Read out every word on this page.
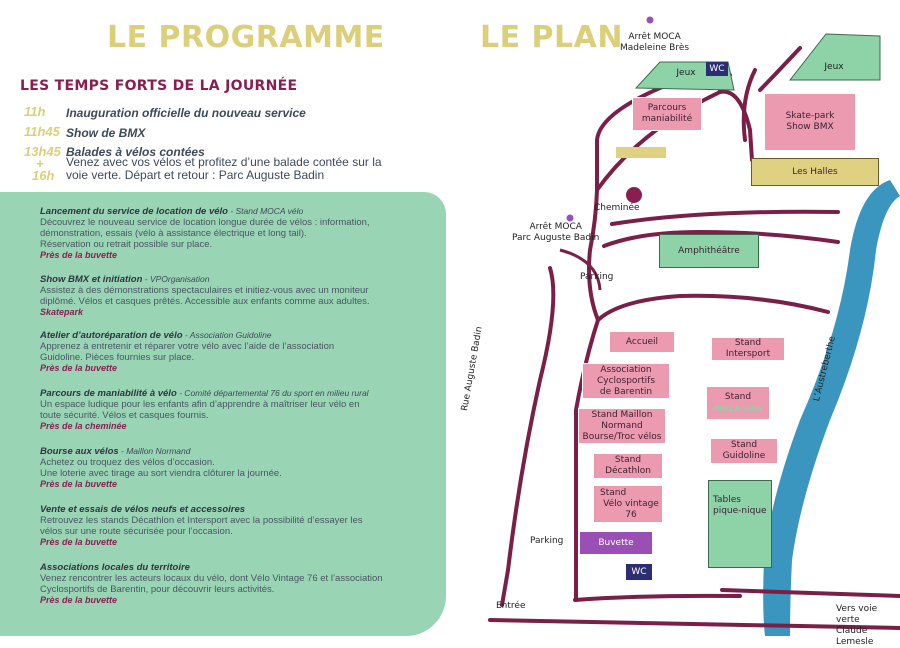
LE PROGRAMME
LES TEMPS FORTS DE LA JOURNÉE
11h Inauguration officielle du nouveau service
11h45 Show de BMX
13h45 Balades à vélos contées
+
16h
Venez avec vos vélos et profitez d’une balade contée sur la
voie verte. Départ et retour : Parc Auguste Badin
Lancement du service de location de vélo - Stand MOCA vélo
Découvrez le nouveau service de location longue durée de vélos : information,
démonstration, essais (vélo à assistance électrique et long tail).
Réservation ou retrait possible sur place.
Près de la buvette
Show BMX et initiation - VPOrganisation
Assistez à des démonstrations spectaculaires et initiez-vous avec un moniteur
diplômé. Vélos et casques prêtés. Accessible aux enfants comme aux adultes.
Skatepark
Atelier d’autoréparation de vélo - Association Guidoline
Apprenez à entretenir et réparer votre vélo avec l’aide de l’association
Guidoline. Pièces fournies sur place.
Près de la buvette
Parcours de maniabilité à vélo - Comité départemental 76 du sport en milieu rural
Un espace ludique pour les enfants afin d’apprendre à maîtriser leur vélo en
toute sécurité. Vélos et casques fournis.
Près de la cheminée
Bourse aux vélos - Maillon Normand
Achetez ou troquez des vélos d’occasion.
Une loterie avec tirage au sort viendra clôturer la journée.
Près de la buvette
Vente et essais de vélos neufs et accessoires
Retrouvez les stands Décathlon et Intersport avec la possibilité d’essayer les
vélos sur une route sécurisée pour l’occasion.
Près de la buvette
Associations locales du territoire
Venez rencontrer les acteurs locaux du vélo, dont Vélo Vintage 76 et l’association
Cyclosportifs de Barentin, pour découvrir leurs activités.
Près de la buvette
LE PLAN Arrêt MOCA
Madeleine Brès
Arrêt MOCA
Parc Auguste Badin
Cheminée
Parking
Parking
Rue Auguste Badin	L’Austreberthe
Entrée	Vers voie verte
Claude Lemesle
Jeux	WC	Jeux
Parcours
maniabilité	Skate-park
Show BMX
Les Halles
Amphithéâtre
Accueil	Stand Intersport
Association Cyclosportifs
de Barentin
Stand
MOCA vélo
Stand Maillon Normand
Bourse/Troc vélos
Stand Guidoline
Stand Décathlon
Tables
pique-nique
Stand
Vélo vintage 76
Buvette
WC
